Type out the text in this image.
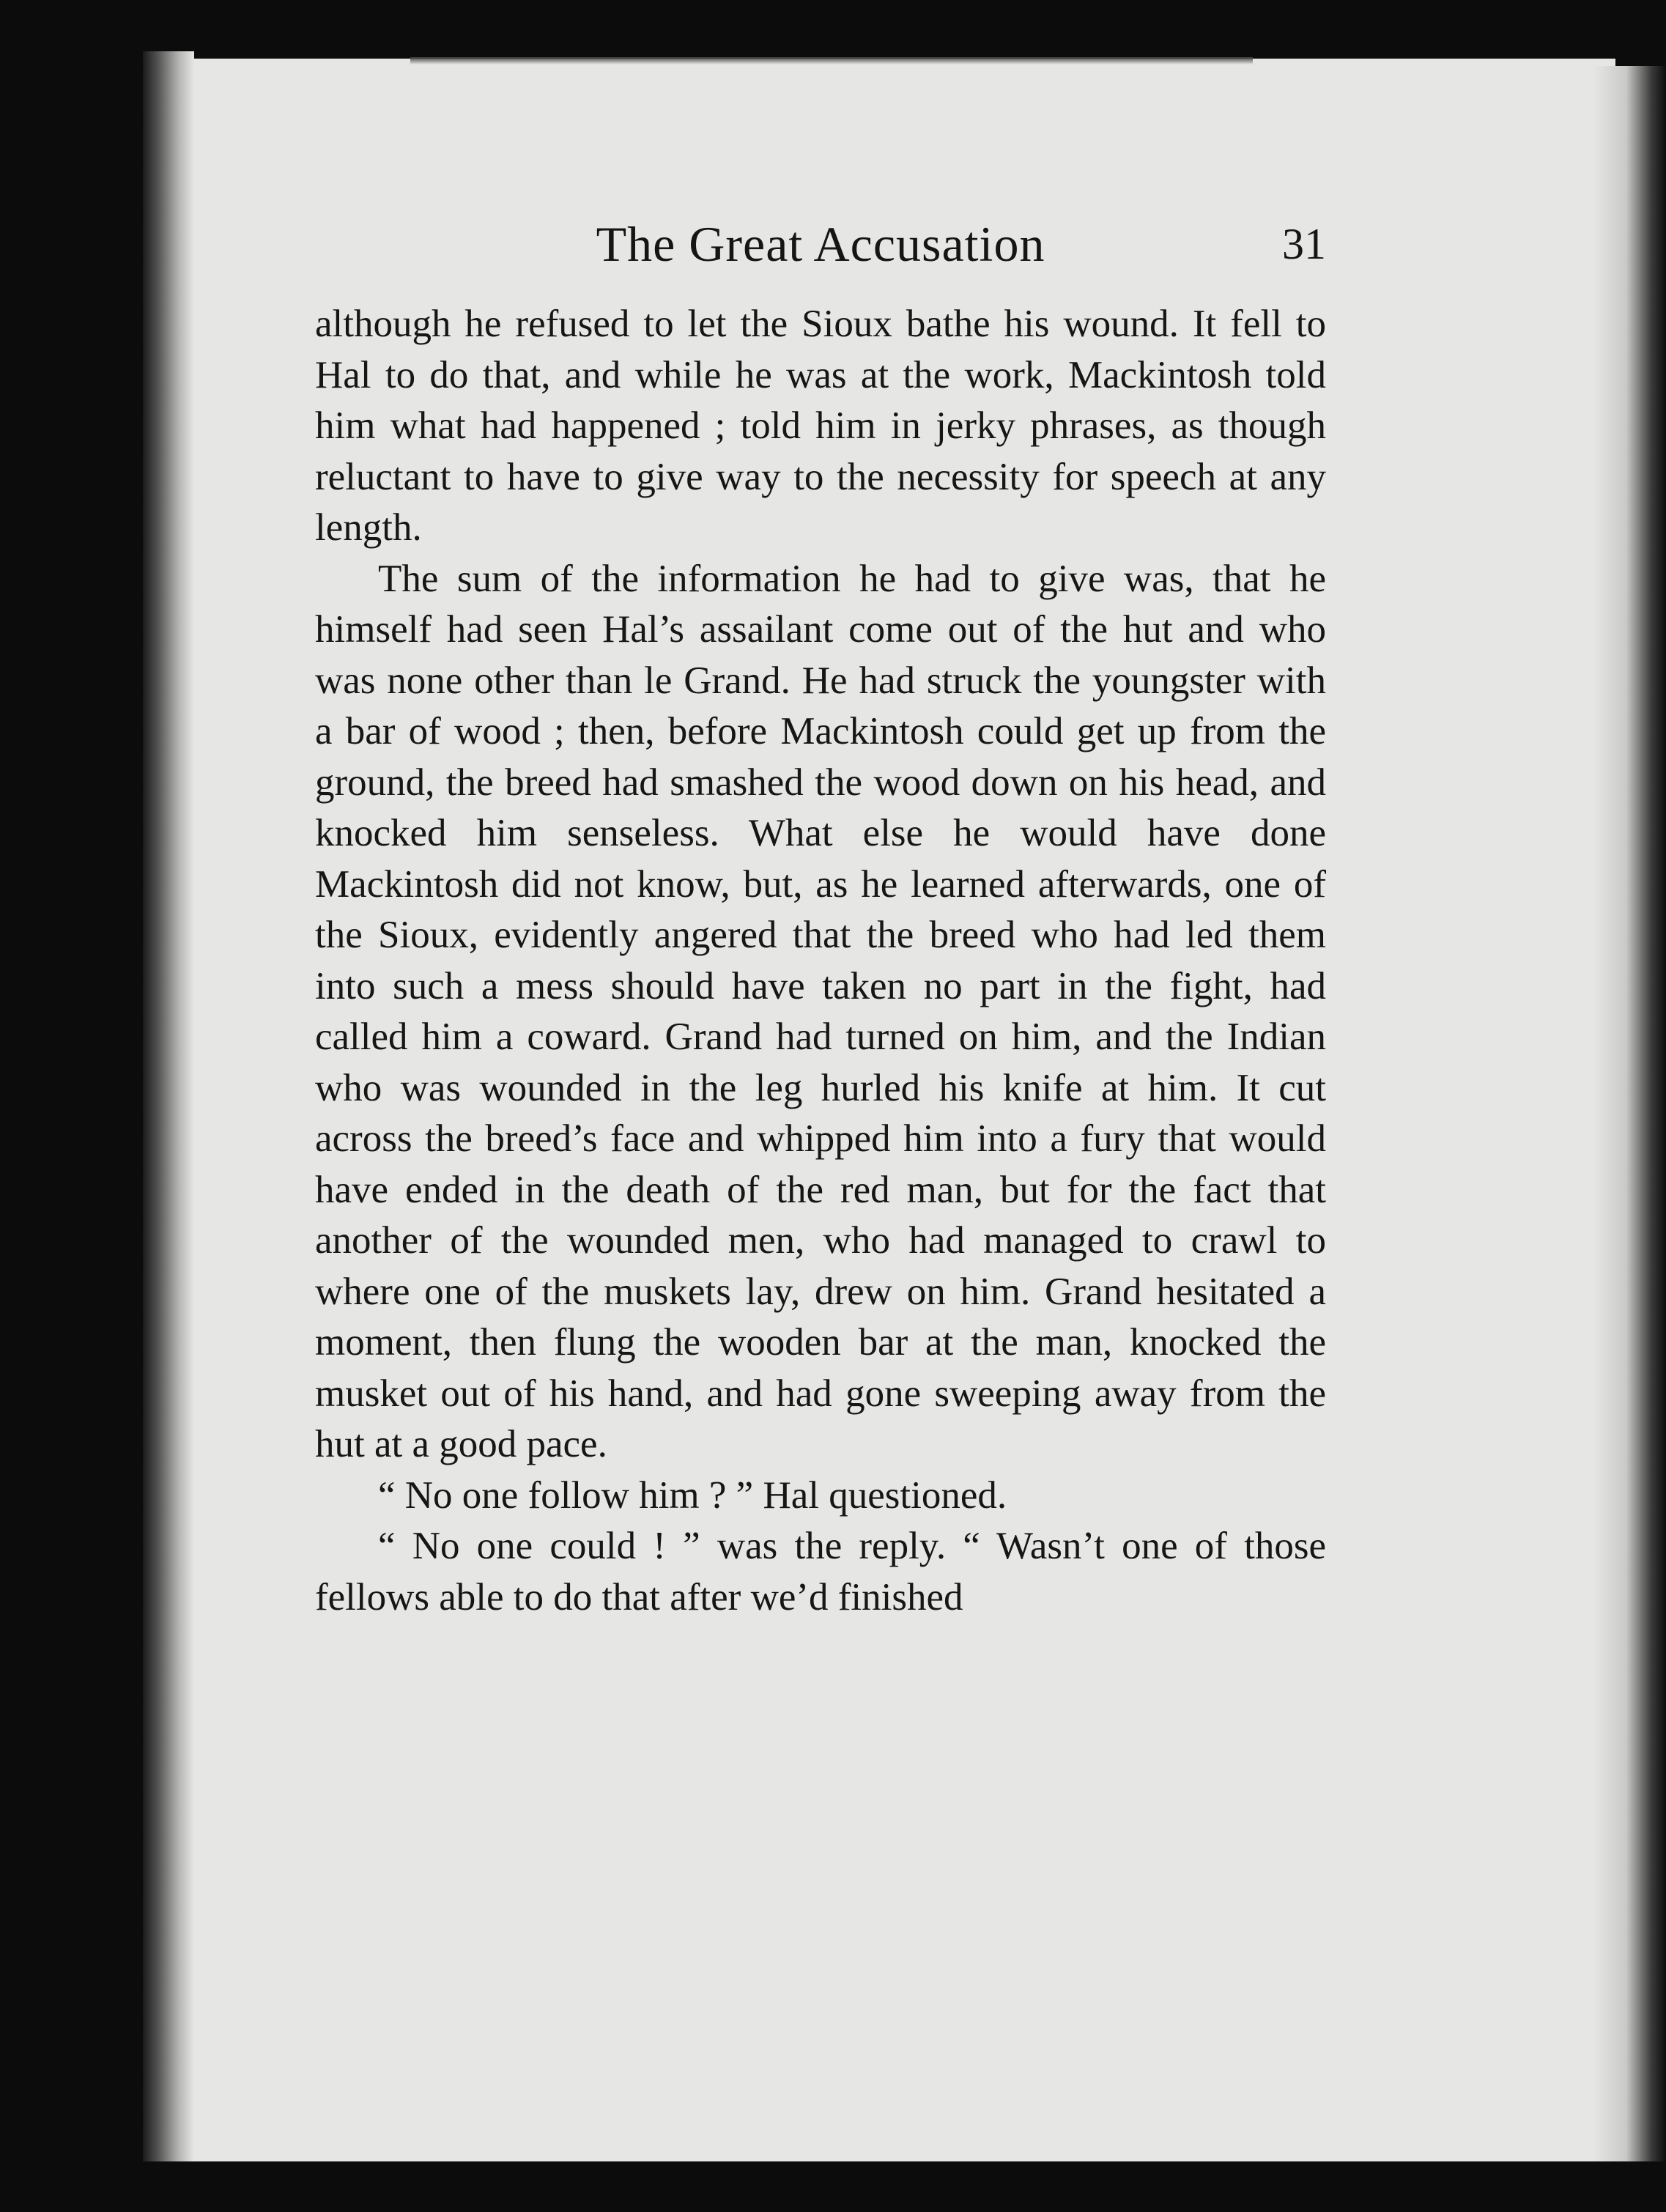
The Great Accusation	31

although he refused to let the Sioux bathe his wound. It fell to Hal to do that, and while he was at the work, Mackintosh told him what had happened ; told him in jerky phrases, as though reluctant to have to give way to the necessity for speech at any length.

The sum of the information he had to give was, that he himself had seen Hal’s assailant come out of the hut and who was none other than le Grand. He had struck the youngster with a bar of wood ; then, before Mackintosh could get up from the ground, the breed had smashed the wood down on his head, and knocked him senseless. What else he would have done Mackintosh did not know, but, as he learned afterwards, one of the Sioux, evidently angered that the breed who had led them into such a mess should have taken no part in the fight, had called him a coward. Grand had turned on him, and the Indian who was wounded in the leg hurled his knife at him. It cut across the breed’s face and whipped him into a fury that would have ended in the death of the red man, but for the fact that another of the wounded men, who had managed to crawl to where one of the muskets lay, drew on him. Grand hesitated a moment, then flung the wooden bar at the man, knocked the musket out of his hand, and had gone sweeping away from the hut at a good pace.

“ No one follow him ? ” Hal questioned.

“ No one could ! ” was the reply. “ Wasn’t one of those fellows able to do that after we’d finished
